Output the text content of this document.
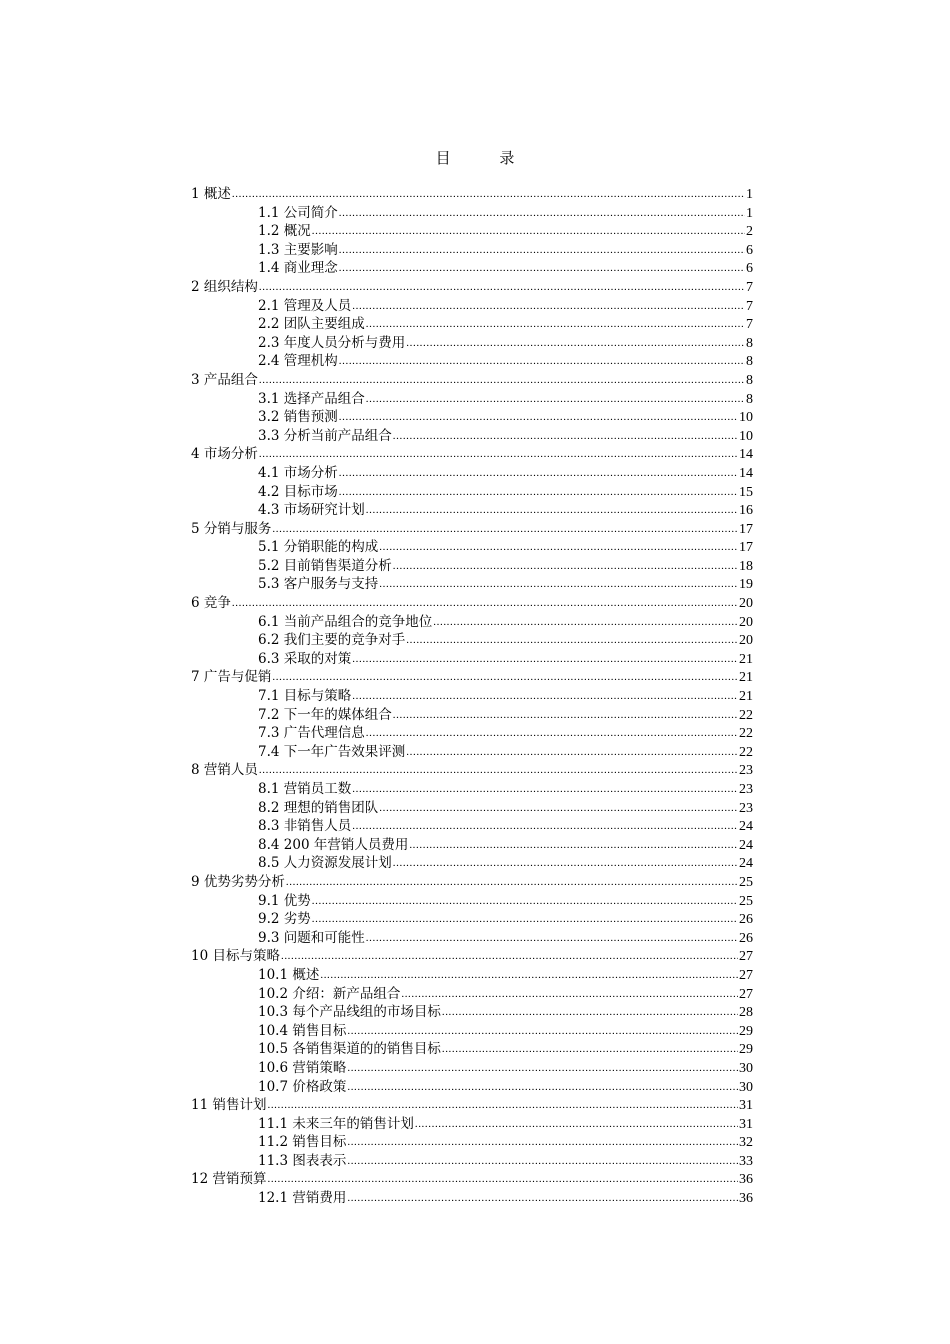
目 录
1 概述 .....	1
1.1 公司简介 .....	1
1.2 概况 .....	2
1.3 主要影响 .....	6
1.4 商业理念 .....	6
2 组织结构 .....	7
2.1 管理及人员 .....	7
2.2 团队主要组成 .....	7
2.3 年度人员分析与费用 .....	8
2.4 管理机构 .....	8
3 产品组合 .....	8
3.1 选择产品组合 .....	8
3.2 销售预测 .....	10
3.3 分析当前产品组合 .....	10
4 市场分析 .....	14
4.1 市场分析 .....	14
4.2 目标市场 .....	15
4.3 市场研究计划 .....	16
5 分销与服务 .....	17
5.1 分销职能的构成 .....	17
5.2 目前销售渠道分析 .....	18
5.3 客户服务与支持 .....	19
6 竞争 .....	20
6.1 当前产品组合的竞争地位 .....	20
6.2 我们主要的竞争对手 .....	20
6.3 采取的对策 .....	21
7 广告与促销 .....	21
7.1 目标与策略 .....	21
7.2 下一年的媒体组合 .....	22
7.3 广告代理信息 .....	22
7.4 下一年广告效果评测 .....	22
8 营销人员 .....	23
8.1 营销员工数 .....	23
8.2 理想的销售团队 .....	23
8.3 非销售人员 .....	24
8.4 200 年营销人员费用 .....	24
8.5 人力资源发展计划 .....	24
9 优势劣势分析 .....	25
9.1 优势 .....	25
9.2 劣势 .....	26
9.3 问题和可能性 .....	26
10 目标与策略 .....	27
10.1 概述 .....	27
10.2 介绍：新产品组合 .....	27
10.3 每个产品线组的市场目标 .....	28
10.4 销售目标 .....	29
10.5 各销售渠道的的销售目标 .....	29
10.6 营销策略 .....	30
10.7 价格政策 .....	30
11 销售计划 .....	31
11.1 未来三年的销售计划 .....	31
11.2 销售目标 .....	32
11.3 图表表示 .....	33
12 营销预算 .....	36
12.1 营销费用 .....	36
